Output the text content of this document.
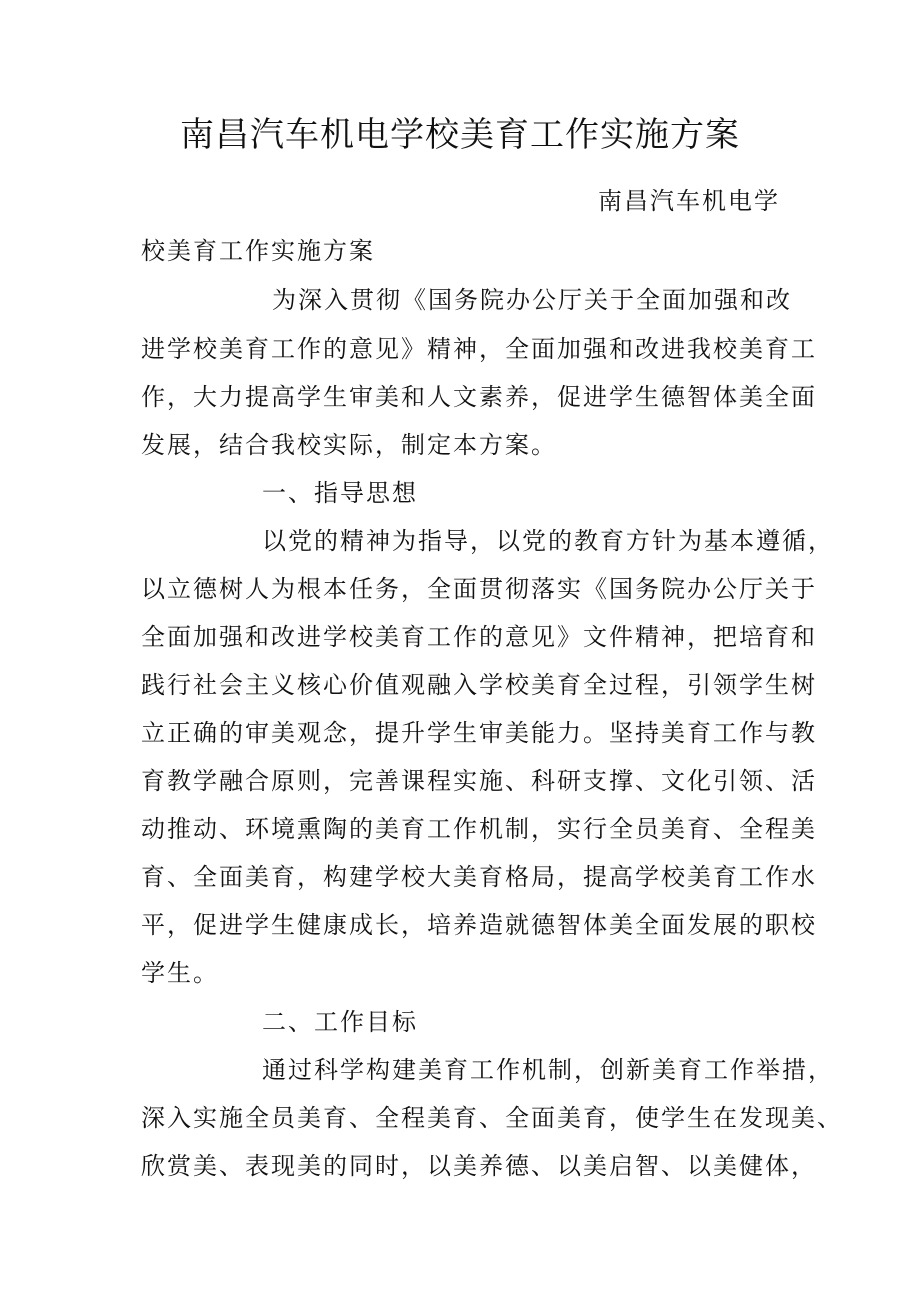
南昌汽车机电学校美育工作实施方案
南昌汽车机电学
校美育工作实施方案
为深入贯彻《国务院办公厅关于全面加强和改
进学校美育工作的意见》精神，全面加强和改进我校美育工
作，大力提高学生审美和人文素养，促进学生德智体美全面
发展，结合我校实际，制定本方案。
一、指导思想
以党的精神为指导，以党的教育方针为基本遵循，
以立德树人为根本任务，全面贯彻落实《国务院办公厅关于
全面加强和改进学校美育工作的意见》文件精神，把培育和
践行社会主义核心价值观融入学校美育全过程，引领学生树
立正确的审美观念，提升学生审美能力。坚持美育工作与教
育教学融合原则，完善课程实施、科研支撑、文化引领、活
动推动、环境熏陶的美育工作机制，实行全员美育、全程美
育、全面美育，构建学校大美育格局，提高学校美育工作水
平，促进学生健康成长，培养造就德智体美全面发展的职校
学生。
二、工作目标
通过科学构建美育工作机制，创新美育工作举措，
深入实施全员美育、全程美育、全面美育，使学生在发现美、
欣赏美、表现美的同时，以美养德、以美启智、以美健体，
